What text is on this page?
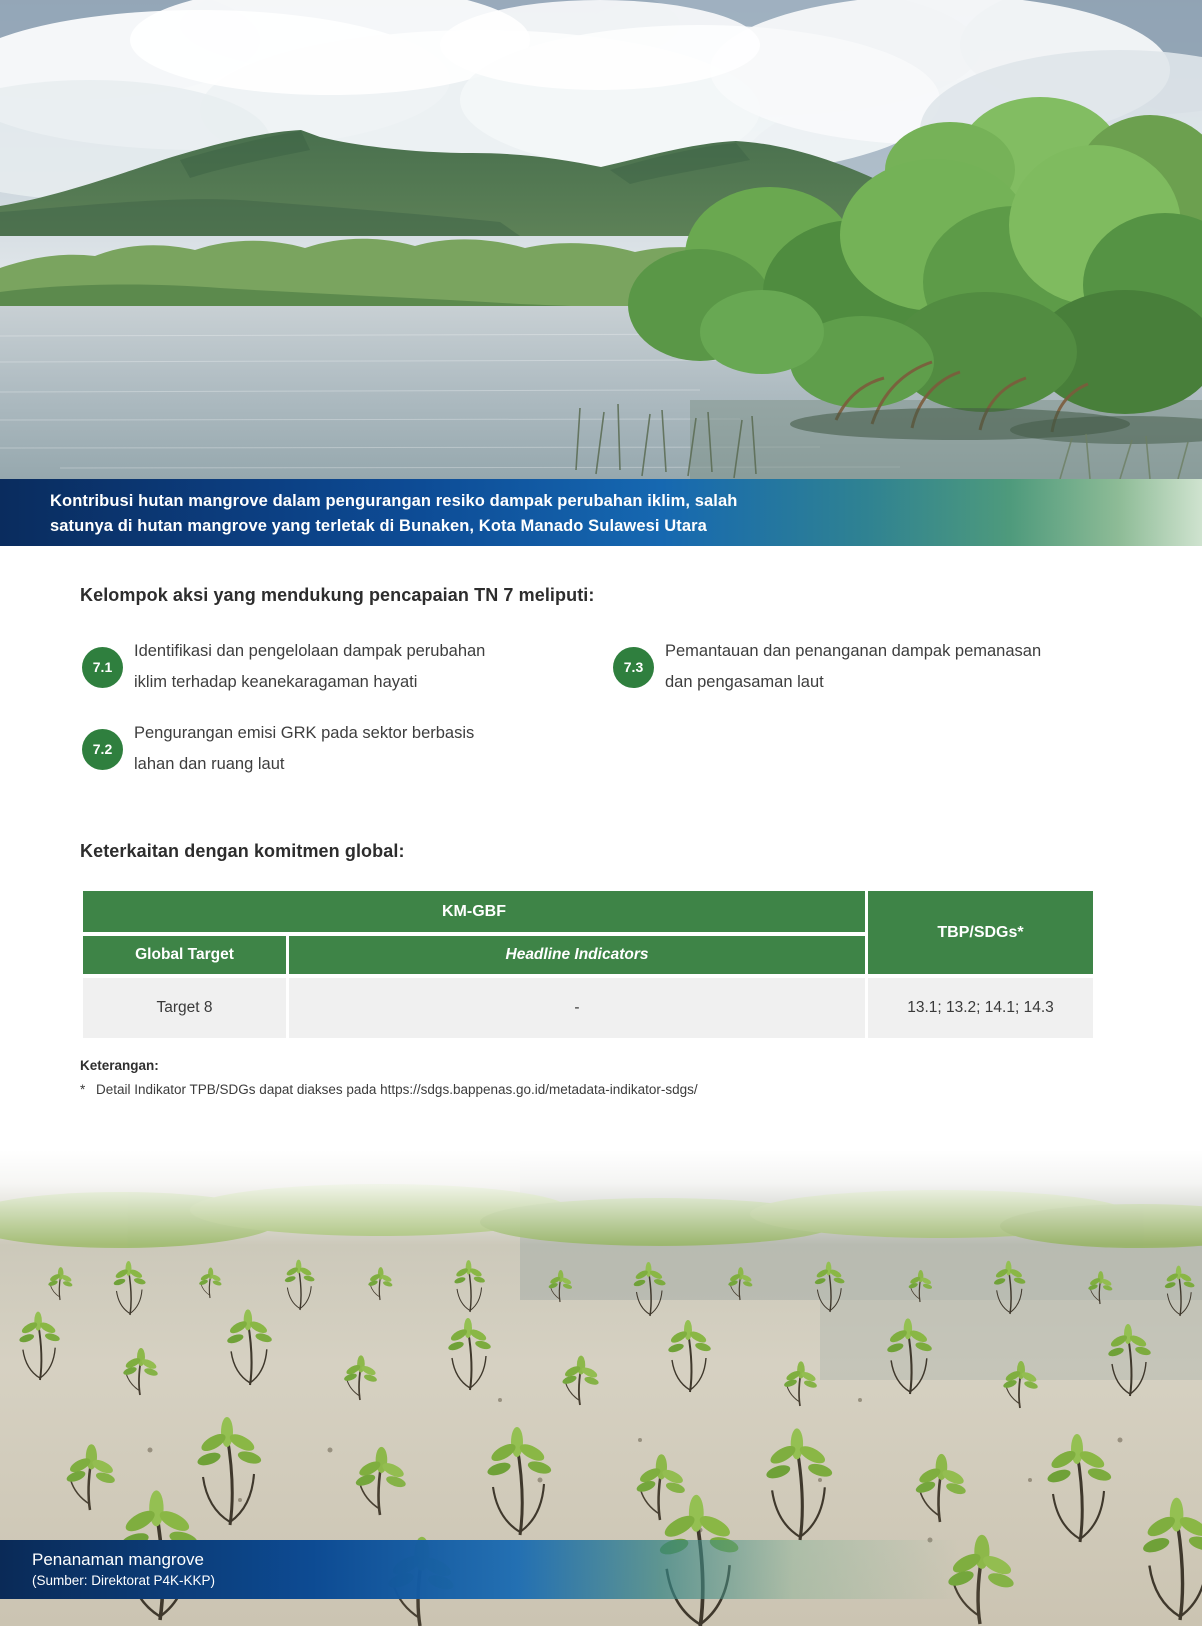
Kontribusi hutan mangrove dalam pengurangan resiko dampak perubahan iklim, salah
satunya di hutan mangrove yang terletak di Bunaken, Kota Manado Sulawesi Utara
Kelompok aksi yang mendukung pencapaian TN 7 meliputi:
7.1
Identifikasi dan pengelolaan dampak perubahan
iklim terhadap keanekaragaman hayati
7.2
Pengurangan emisi GRK pada sektor berbasis
lahan dan ruang laut
7.3
Pemantauan dan penanganan dampak pemanasan
dan pengasaman laut
Keterkaitan dengan komitmen global:
KM-GBF
TBP/SDGs*
Global Target	Headline Indicators
Target 8	-	13.1; 13.2; 14.1; 14.3
Keterangan:
* Detail Indikator TPB/SDGs dapat diakses pada https://sdgs.bappenas.go.id/metadata-indikator-sdgs/
Penanaman mangrove
(Sumber: Direktorat P4K-KKP)
